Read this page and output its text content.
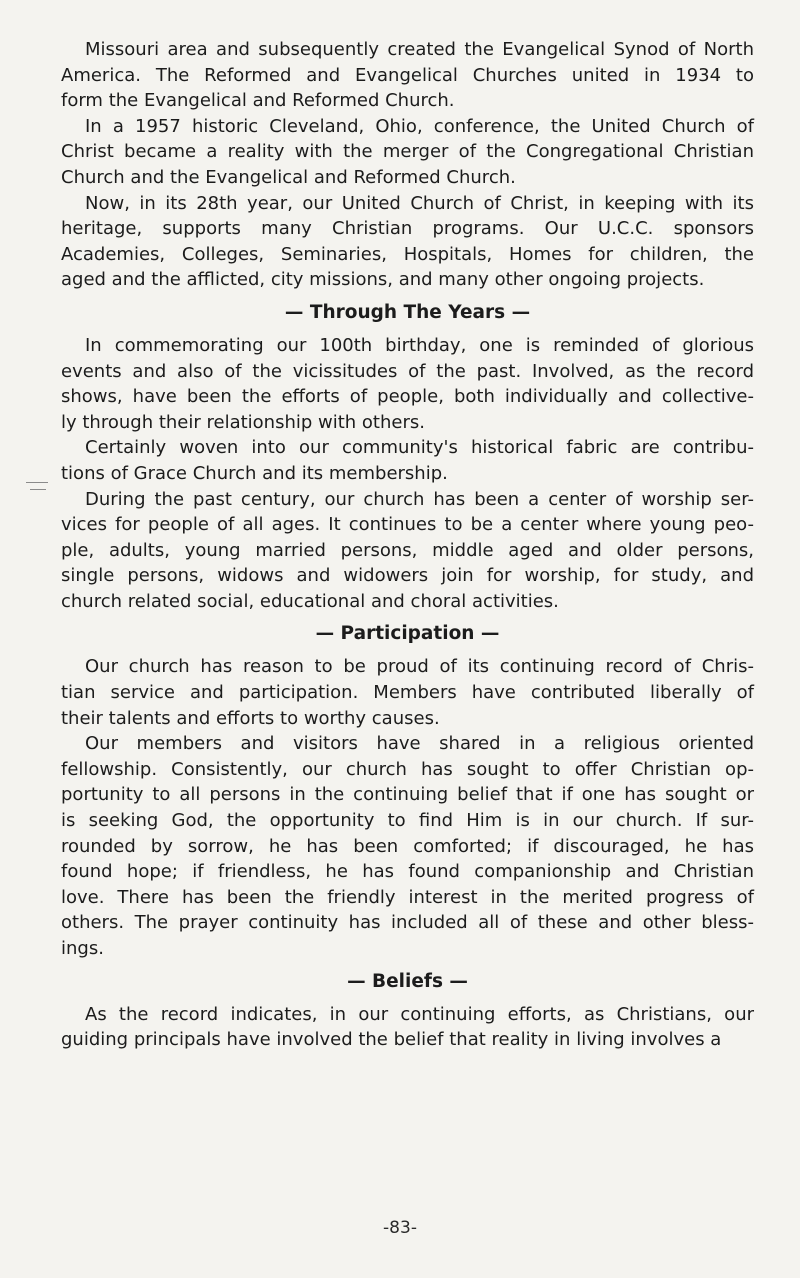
Missouri area and subsequently created the Evangelical Synod of North
America. The Reformed and Evangelical Churches united in 1934 to
form the Evangelical and Reformed Church.
In a 1957 historic Cleveland, Ohio, conference, the United Church of
Christ became a reality with the merger of the Congregational Christian
Church and the Evangelical and Reformed Church.
Now, in its 28th year, our United Church of Christ, in keeping with its
heritage, supports many Christian programs. Our U.C.C. sponsors
Academies, Colleges, Seminaries, Hospitals, Homes for children, the
aged and the afflicted, city missions, and many other ongoing projects.
— Through The Years —
In commemorating our 100th birthday, one is reminded of glorious
events and also of the vicissitudes of the past. Involved, as the record
shows, have been the efforts of people, both individually and collective-
ly through their relationship with others.
Certainly woven into our community's historical fabric are contribu-
tions of Grace Church and its membership.
During the past century, our church has been a center of worship ser-
vices for people of all ages. It continues to be a center where young peo-
ple, adults, young married persons, middle aged and older persons,
single persons, widows and widowers join for worship, for study, and
church related social, educational and choral activities.
— Participation —
Our church has reason to be proud of its continuing record of Chris-
tian service and participation. Members have contributed liberally of
their talents and efforts to worthy causes.
Our members and visitors have shared in a religious oriented
fellowship. Consistently, our church has sought to offer Christian op-
portunity to all persons in the continuing belief that if one has sought or
is seeking God, the opportunity to find Him is in our church. If sur-
rounded by sorrow, he has been comforted; if discouraged, he has
found hope; if friendless, he has found companionship and Christian
love. There has been the friendly interest in the merited progress of
others. The prayer continuity has included all of these and other bless-
ings.
— Beliefs —
As the record indicates, in our continuing efforts, as Christians, our
guiding principals have involved the belief that reality in living involves a
-83-
